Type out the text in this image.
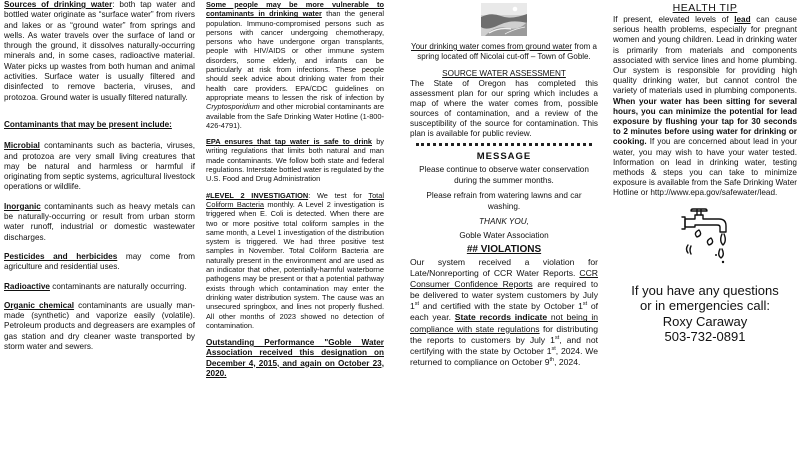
Sources of drinking water: both tap water and bottled water originate as “surface water” from rivers and lakes or as “ground water” from springs and wells. As water travels over the surface of land or through the ground, it dissolves naturally-occurring minerals and, in some cases, radioactive material. Water picks up wastes from both human and animal activities. Surface water is usually filtered and disinfected to remove bacteria, viruses, and protozoa. Ground water is usually filtered naturally.
Contaminants that may be present include:
Microbial contaminants such as bacteria, viruses, and protozoa are very small living creatures that may be natural and harmless or harmful if originating from septic systems, agricultural livestock operations or wildlife.
Inorganic contaminants such as heavy metals can be naturally-occurring or result from urban storm water runoff, industrial or domestic wastewater discharges.
Pesticides and herbicides may come from agriculture and residential uses.
Radioactive contaminants are naturally occurring.
Organic chemical contaminants are usually man-made (synthetic) and vaporize easily (volatile). Petroleum products and degreasers are examples of gas station and dry cleaner waste transported by storm water and sewers.
Some people may be more vulnerable to contaminants in drinking water than the general population. Immuno-compromised persons such as persons with cancer undergoing chemotherapy, persons who have undergone organ transplants, people with HIV/AIDS or other immune system disorders, some elderly, and infants can be particularly at risk from infections. These people should seek advice about drinking water from their health care providers. EPA/CDC guidelines on appropriate means to lessen the risk of infection by Cryptosporidium and other microbial contaminants are available from the Safe Drinking Water Hotline (1-800-426-4791).
EPA ensures that tap water is safe to drink by writing regulations that limits both natural and man made contaminants. We follow both state and federal regulations. Interstate bottled water is regulated by the U.S. Food and Drug Administration
#LEVEL 2 INVESTIGATION: We test for Total Coliform Bacteria monthly. A Level 2 investigation is triggered when E. Coli is detected. When there are two or more positive total coliform samples in the same month, a Level 1 investigation of the distribution system is triggered. We had three positive test samples in November. Total Coliform Bacteria are naturally present in the environment and are used as an indicator that other, potentially-harmful waterborne pathogens may be present or that a potential pathway exists through which contamination may enter the drinking water distribution system. The cause was an unsecured springbox, and lines not properly flushed. All other months of 2023 showed no detection of contamination.
Outstanding Performance "Goble Water Association received this designation on December 4, 2015, and again on October 23, 2020.
Your drinking water comes from ground water from a spring located off Nicolai cut-off – Town of Goble.
SOURCE WATER ASSESSMENT
The State of Oregon has completed this assessment plan for our spring which includes a map of where the water comes from, possible sources of contamination, and a review of the susceptibility of the source for contamination. This plan is available for public review.
MESSAGE
Please continue to observe water conservation during the summer months.
Please refrain from watering lawns and car washing.
THANK YOU,
Goble Water Association
## VIOLATIONS
Our system received a violation for Late/Nonreporting of CCR Water Reports. CCR Consumer Confidence Reports are required to be delivered to water system customers by July 1st and certified with the state by October 1st of each year. State records indicate not being in compliance with state regulations for distributing the reports to customers by July 1st, and not certifying with the state by October 1st, 2024. We returned to compliance on October 9th, 2024.
HEALTH TIP
If present, elevated levels of lead can cause serious health problems, especially for pregnant women and young children. Lead in drinking water is primarily from materials and components associated with service lines and home plumbing. Our system is responsible for providing high quality drinking water, but cannot control the variety of materials used in plumbing components. When your water has been sitting for several hours, you can minimize the potential for lead exposure by flushing your tap for 30 seconds to 2 minutes before using water for drinking or cooking. If you are concerned about lead in your water, you may wish to have your water tested. Information on lead in drinking water, testing methods & steps you can take to minimize exposure is available from the Safe Drinking Water Hotline or http://www.epa.gov/safewater/lead.
If you have any questions
or in emergencies call:
Roxy Caraway
503-732-0891
